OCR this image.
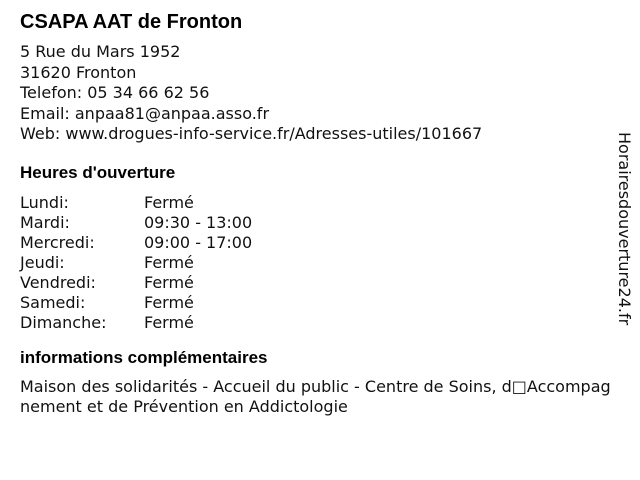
CSAPA AAT de Fronton
5 Rue du Mars 1952
31620 Fronton
Telefon: 05 34 66 62 56
Email: anpaa81@anpaa.asso.fr
Web: www.drogues-info-service.fr/Adresses-utiles/101667
Heures d'ouverture
Lundi:	Fermé
Mardi:	09:30 - 13:00
Mercredi:	09:00 - 17:00
Jeudi:	Fermé
Vendredi:	Fermé
Samedi:	Fermé
Dimanche:	Fermé
informations complémentaires
Maison des solidarités - Accueil du public - Centre de Soins, d□Accompagnement et de Prévention en Addictologie
Horairesdouverture24.fr
